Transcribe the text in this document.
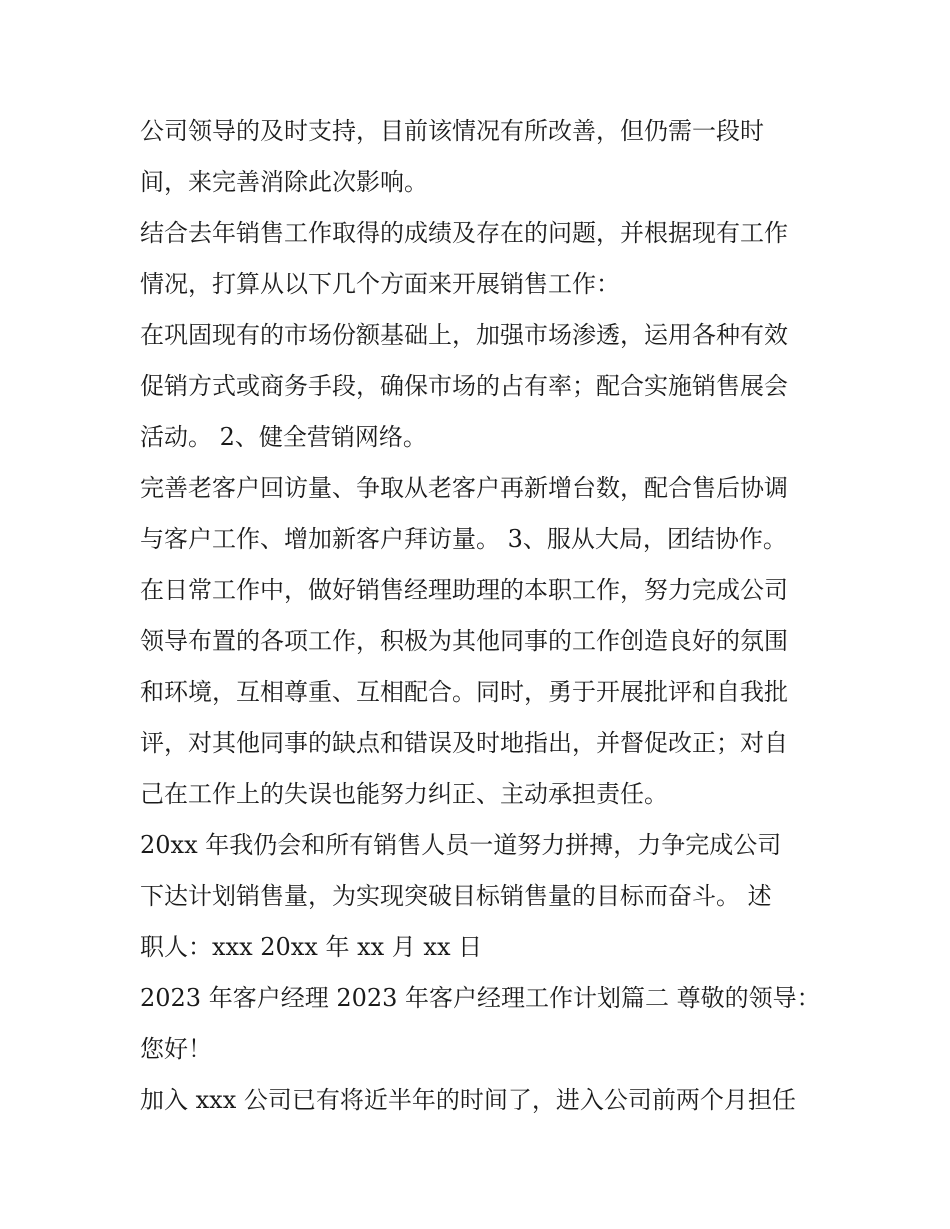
公司领导的及时支持，目前该情况有所改善，但仍需一段时
间，来完善消除此次影响。
结合去年销售工作取得的成绩及存在的问题，并根据现有工作
情况，打算从以下几个方面来开展销售工作：
在巩固现有的市场份额基础上，加强市场渗透，运用各种有效
促销方式或商务手段，确保市场的占有率；配合实施销售展会
活动。 2、健全营销网络。
完善老客户回访量、争取从老客户再新增台数，配合售后协调
与客户工作、增加新客户拜访量。 3、服从大局，团结协作。
在日常工作中，做好销售经理助理的本职工作，努力完成公司
领导布置的各项工作，积极为其他同事的工作创造良好的氛围
和环境，互相尊重、互相配合。同时，勇于开展批评和自我批
评，对其他同事的缺点和错误及时地指出，并督促改正；对自
己在工作上的失误也能努力纠正、主动承担责任。
20xx 年我仍会和所有销售人员一道努力拼搏，力争完成公司
下达计划销售量，为实现突破目标销售量的目标而奋斗。 述
职人：xxx 20xx 年 xx 月 xx 日
2023 年客户经理 2023 年客户经理工作计划篇二 尊敬的领导：
您好！
加入 xxx 公司已有将近半年的时间了，进入公司前两个月担任
